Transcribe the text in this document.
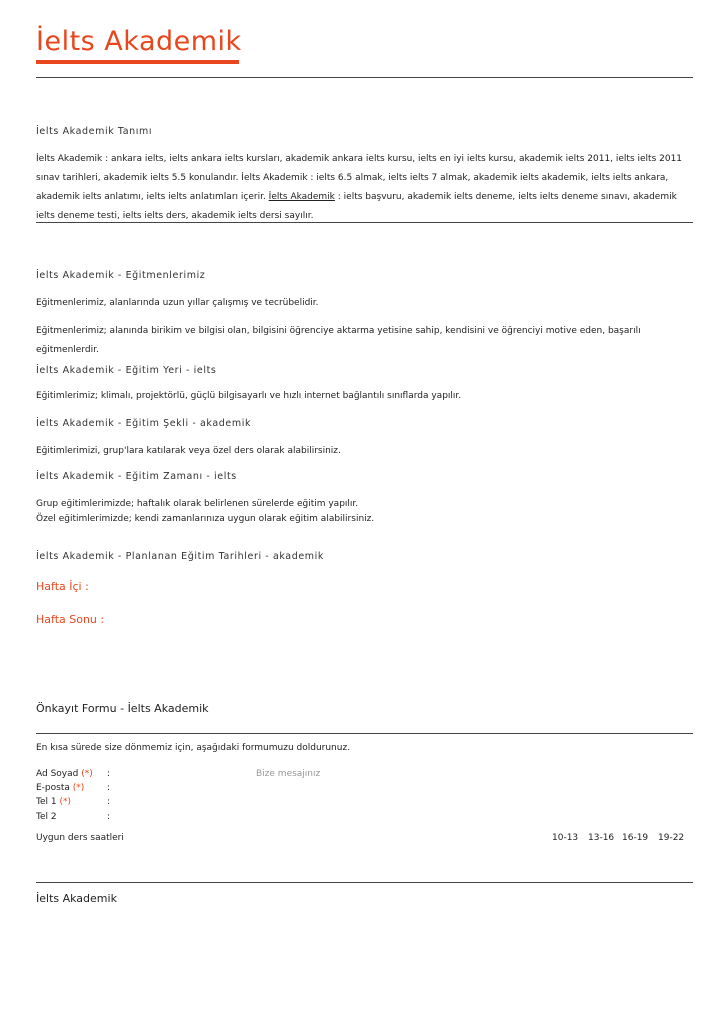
İelts Akademik
İelts Akademik Tanımı
İelts Akademik : ankara ielts, ielts ankara ielts kursları, akademik ankara ielts kursu, ielts en iyi ielts kursu, akademik ielts 2011, ielts ielts 2011 sınav tarihleri, akademik ielts 5.5 konulandır. İelts Akademik : ielts 6.5 almak, ielts ielts 7 almak, akademik ielts akademik, ielts ielts ankara, akademik ielts anlatımı, ielts ielts anlatımları içerir. İelts Akademik : ielts başvuru, akademik ielts deneme, ielts ielts deneme sınavı, akademik ielts deneme testi, ielts ielts ders, akademik ielts dersi sayılır.
İelts Akademik - Eğitmenlerimiz
Eğitmenlerimiz, alanlarında uzun yıllar çalışmış ve tecrübelidir.
Eğitmenlerimiz; alanında birikim ve bilgisi olan, bilgisini öğrenciye aktarma yetisine sahip, kendisini ve öğrenciyi motive eden, başarılı eğitmenlerdir.
İelts Akademik - Eğitim Yeri - ielts
Eğitimlerimiz; klimalı, projektörlü, güçlü bilgisayarlı ve hızlı internet bağlantılı sınıflarda yapılır.
İelts Akademik - Eğitim Şekli - akademik
Eğitimlerimizi, grup'lara katılarak veya özel ders olarak alabilirsiniz.
İelts Akademik - Eğitim Zamanı - ielts
Grup eğitimlerimizde; haftalık olarak belirlenen sürelerde eğitim yapılır.
Özel eğitimlerimizde; kendi zamanlarınıza uygun olarak eğitim alabilirsiniz.
İelts Akademik - Planlanan Eğitim Tarihleri - akademik
Hafta İçi :
Hafta Sonu :
Önkayıt Formu - İelts Akademik
En kısa sürede size dönmemiz için, aşağıdaki formumuzu doldurunuz.
Ad Soyad (*) :
E-posta (*)	:
Tel 1 (*)	:
Tel 2	:
Bize mesajınız
Uygun ders saatleri	10-13 13-16 16-19 19-22
İelts Akademik
